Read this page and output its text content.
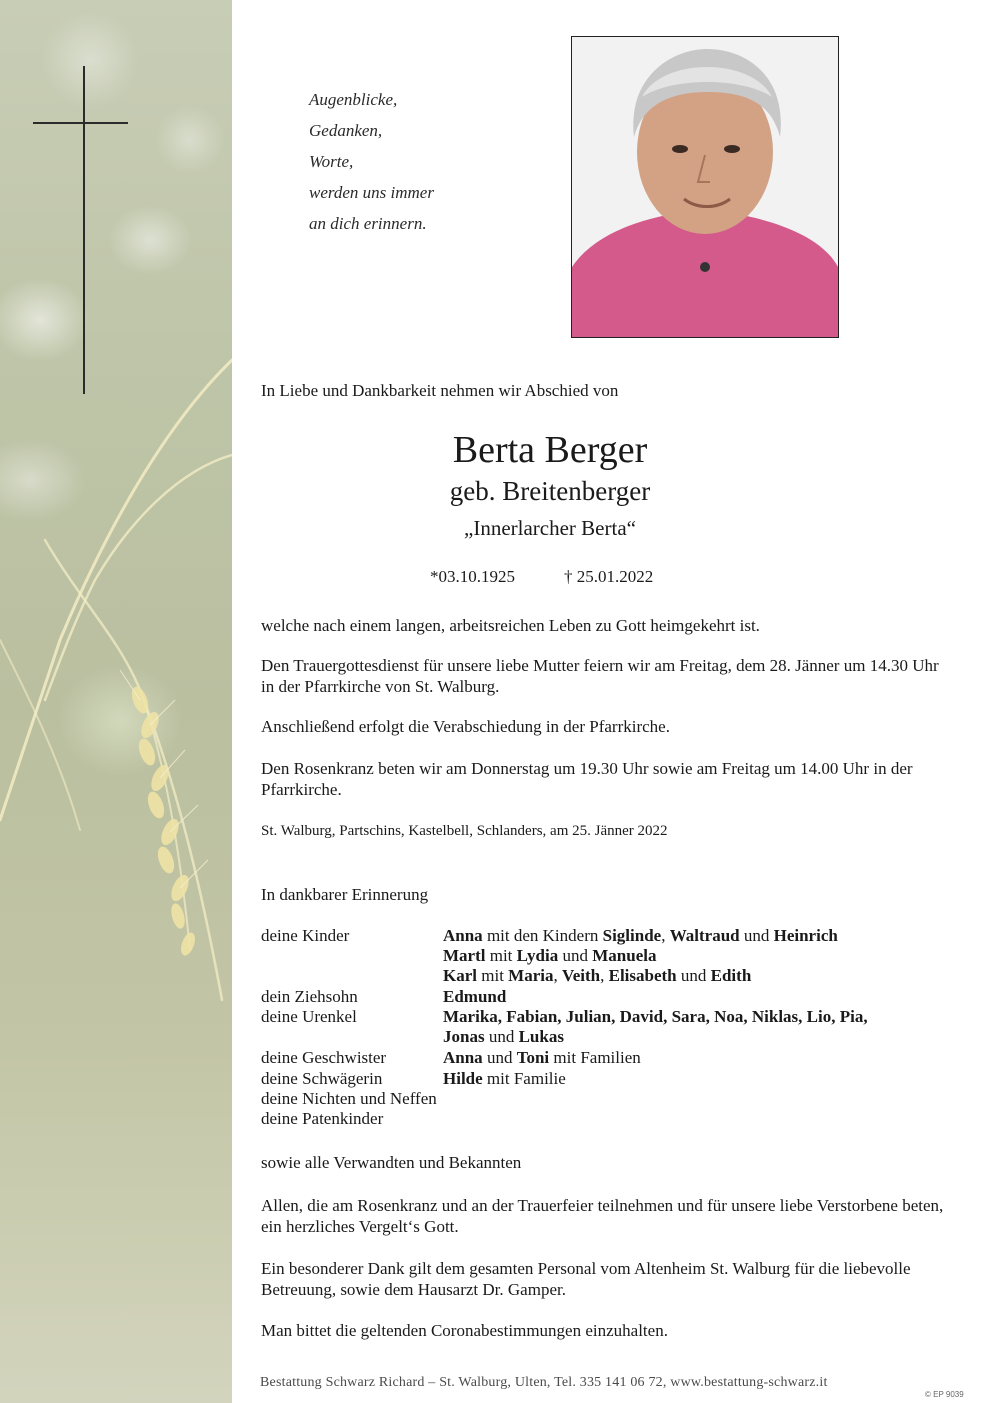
Augenblicke,
Gedanken,
Worte,
werden uns immer
an dich erinnern.
In Liebe und Dankbarkeit nehmen wir Abschied von
Berta Berger
geb. Breitenberger
„Innerlarcher Berta“
*03.10.1925	† 25.01.2022
welche nach einem langen, arbeitsreichen Leben zu Gott heimgekehrt ist.
Den Trauergottesdienst für unsere liebe Mutter feiern wir am Freitag, dem 28. Jänner um 14.30 Uhr in der Pfarrkirche von St. Walburg.
Anschließend erfolgt die Verabschiedung in der Pfarrkirche.
Den Rosenkranz beten wir am Donnerstag um 19.30 Uhr sowie am Freitag um 14.00 Uhr in der Pfarrkirche.
St. Walburg, Partschins, Kastelbell, Schlanders, am 25. Jänner 2022
In dankbarer Erinnerung
deine Kinder	Anna mit den Kindern Siglinde, Waltraud und Heinrich
Martl mit Lydia und Manuela
Karl mit Maria, Veith, Elisabeth und Edith
dein Ziehsohn	Edmund
deine Urenkel	Marika, Fabian, Julian, David, Sara, Noa, Niklas, Lio, Pia,
Jonas und Lukas
deine Geschwister	Anna und Toni mit Familien
deine Schwägerin	Hilde mit Familie
deine Nichten und Neffen
deine Patenkinder
sowie alle Verwandten und Bekannten
Allen, die am Rosenkranz und an der Trauerfeier teilnehmen und für unsere liebe Verstorbene beten, ein herzliches Vergelt‘s Gott.
Ein besonderer Dank gilt dem gesamten Personal vom Altenheim St. Walburg für die liebevolle Betreuung, sowie dem Hausarzt Dr. Gamper.
Man bittet die geltenden Coronabestimmungen einzuhalten.
Bestattung Schwarz Richard – St. Walburg, Ulten, Tel. 335 141 06 72, www.bestattung-schwarz.it
© EP 9039
